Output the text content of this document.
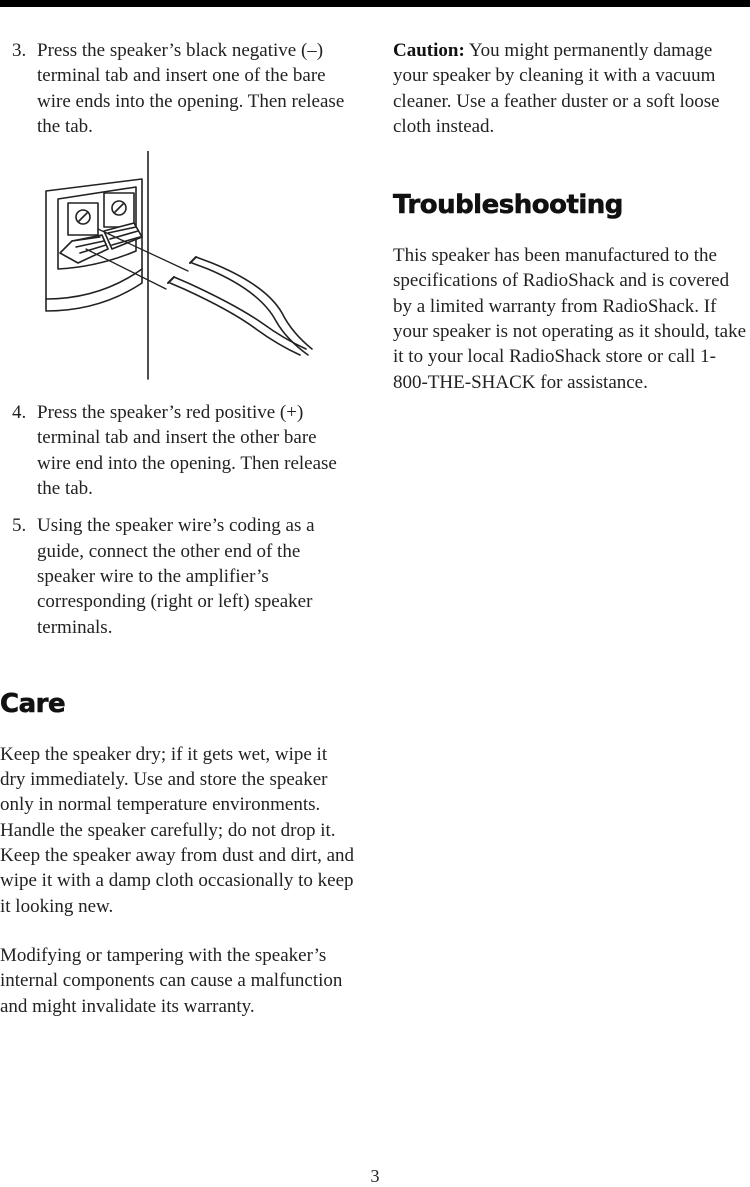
3. Press the speaker’s black negative (–) terminal tab and insert one of the bare wire ends into the opening. Then release the tab.
4. Press the speaker’s red positive (+) terminal tab and insert the other bare wire end into the opening. Then release the tab.
5. Using the speaker wire’s coding as a guide, connect the other end of the speaker wire to the amplifier’s corresponding (right or left) speaker terminals.
Care

Keep the speaker dry; if it gets wet, wipe it dry immediately. Use and store the speaker only in normal temperature environments. Handle the speaker carefully; do not drop it. Keep the speaker away from dust and dirt, and wipe it with a damp cloth occasionally to keep it looking new.

Modifying or tampering with the speaker’s internal components can cause a malfunction and might invalidate its warranty.

Caution: You might permanently damage your speaker by cleaning it with a vacuum cleaner. Use a feather duster or a soft loose cloth instead.

Troubleshooting

This speaker has been manufactured to the specifications of RadioShack and is covered by a limited warranty from RadioShack. If your speaker is not operating as it should, take it to your local RadioShack store or call 1-800-THE-SHACK for assistance.

3
